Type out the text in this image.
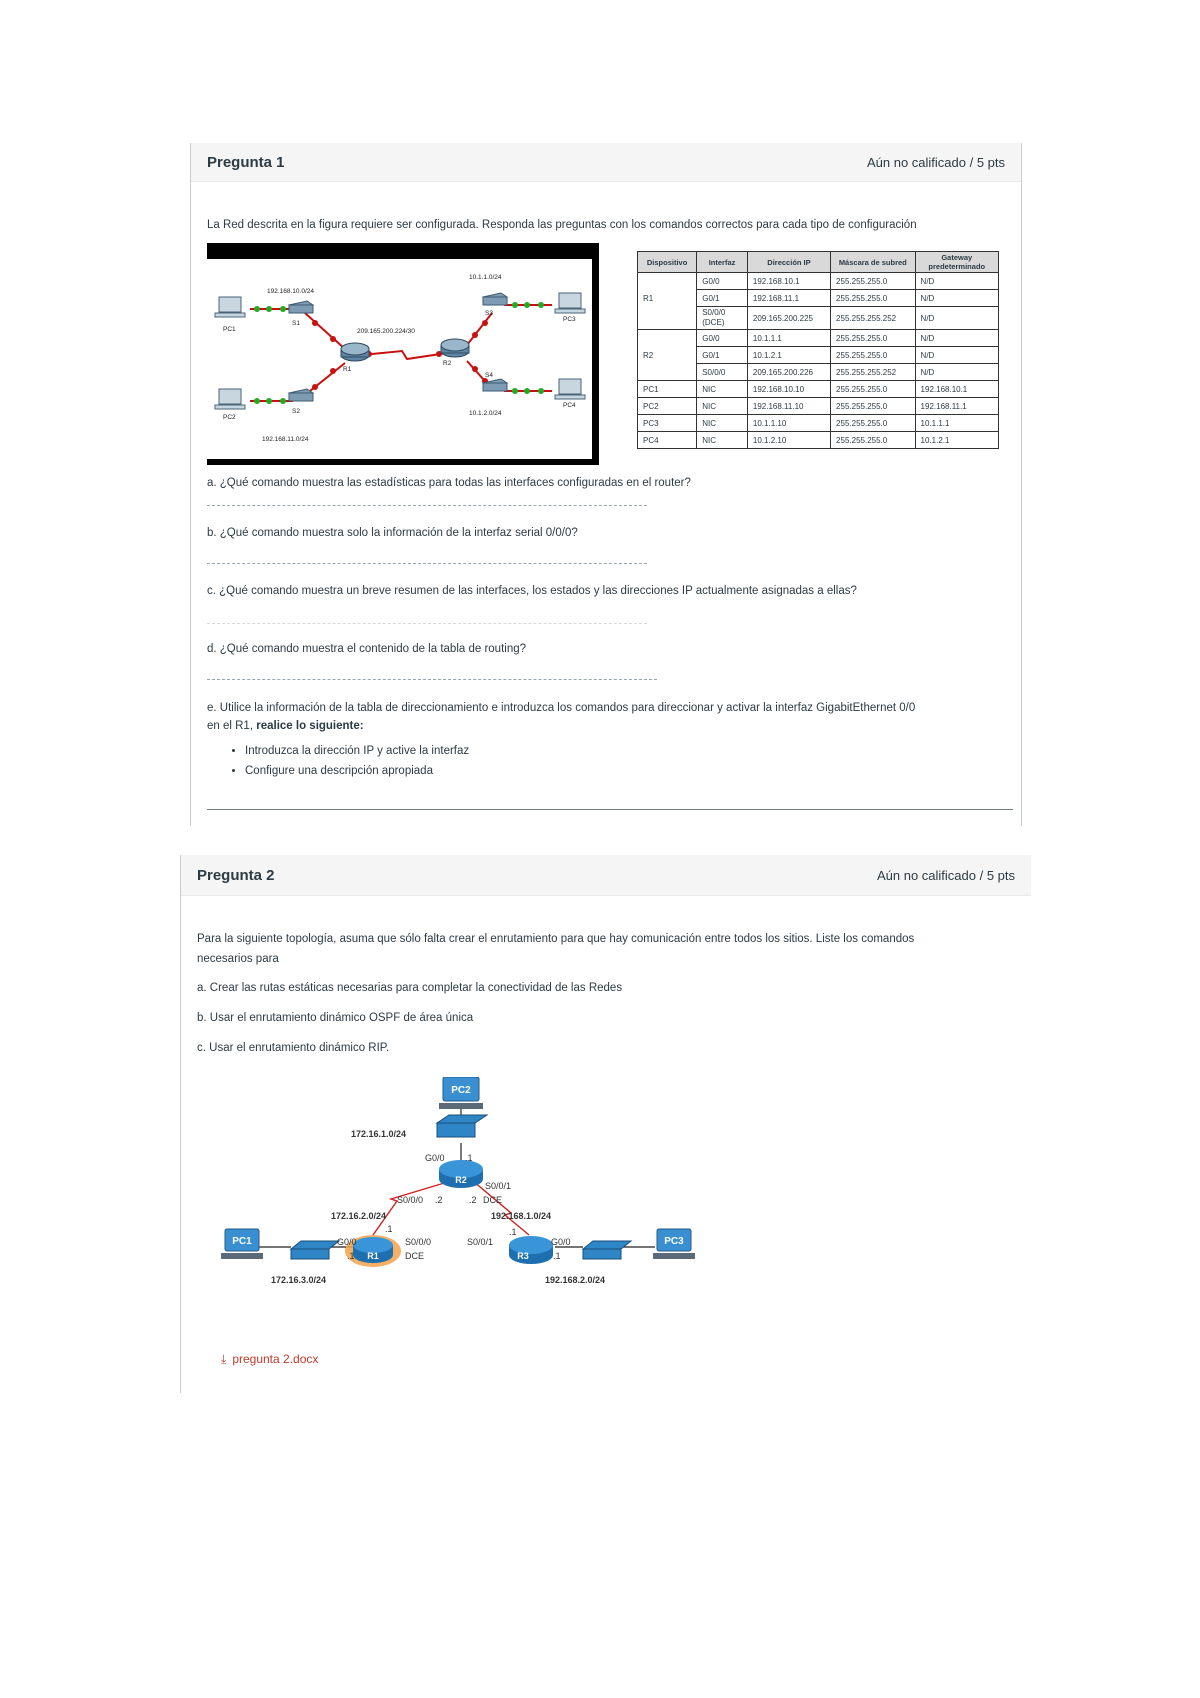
Pregunta 1	Aún no calificado / 5 pts
La Red descrita en la figura requiere ser configurada. Responda las preguntas con los comandos correctos para cada tipo de configuración
192.168.10.0/24
192.168.11.0/24
209.165.200.224/30
10.1.1.0/24
10.1.2.0/24
PC1
PC2
PC3
PC4
S1
S2
S3
S4
R1
R2
Dispositivo	Interfaz	Dirección IP	Máscara de subred	Gateway predeterminado
	G0/0	192.168.10.1	255.255.255.0	N/D
R1	G0/1	192.168.11.1	255.255.255.0	N/D
	S0/0/0 (DCE)	209.165.200.225	255.255.255.252	N/D
	G0/0	10.1.1.1	255.255.255.0	N/D
R2	G0/1	10.1.2.1	255.255.255.0	N/D
	S0/0/0	209.165.200.226	255.255.255.252	N/D
PC1	NIC	192.168.10.10	255.255.255.0	192.168.10.1
PC2	NIC	192.168.11.10	255.255.255.0	192.168.11.1
PC3	NIC	10.1.1.10	255.255.255.0	10.1.1.1
PC4	NIC	10.1.2.10	255.255.255.0	10.1.2.1
a. ¿Qué comando muestra las estadísticas para todas las interfaces configuradas en el router?
b. ¿Qué comando muestra solo la información de la interfaz serial 0/0/0?
c. ¿Qué comando muestra un breve resumen de las interfaces, los estados y las direcciones IP actualmente asignadas a ellas?
d. ¿Qué comando muestra el contenido de la tabla de routing?
e. Utilice la información de la tabla de direccionamiento e introduzca los comandos para direccionar y activar la interfaz GigabitEthernet 0/0
en el R1, realice lo siguiente:
• Introduzca la dirección IP y active la interfaz
• Configure una descripción apropiada
Pregunta 2	Aún no calificado / 5 pts
Para la siguiente topología, asuma que sólo falta crear el enrutamiento para que hay comunicación entre todos los sitios. Liste los comandos
necesarios para
a. Crear las rutas estáticas necesarias para completar la conectividad de las Redes
b. Usar el enrutamiento dinámico OSPF de área única
c. Usar el enrutamiento dinámico RIP.
PC2
R2
PC1
R1	R3
PC3
172.16.1.0/24
G0/0 .1
S0/0/0 .2
S0/0/1
.2 DCE
172.16.2.0/24	192.168.1.0/24
.1
G0/0
.1
S0/0/0
DCE
S0/0/1
.1
G0/0
.1
172.16.3.0/24	192.168.2.0/24
⤓ pregunta 2.docx
